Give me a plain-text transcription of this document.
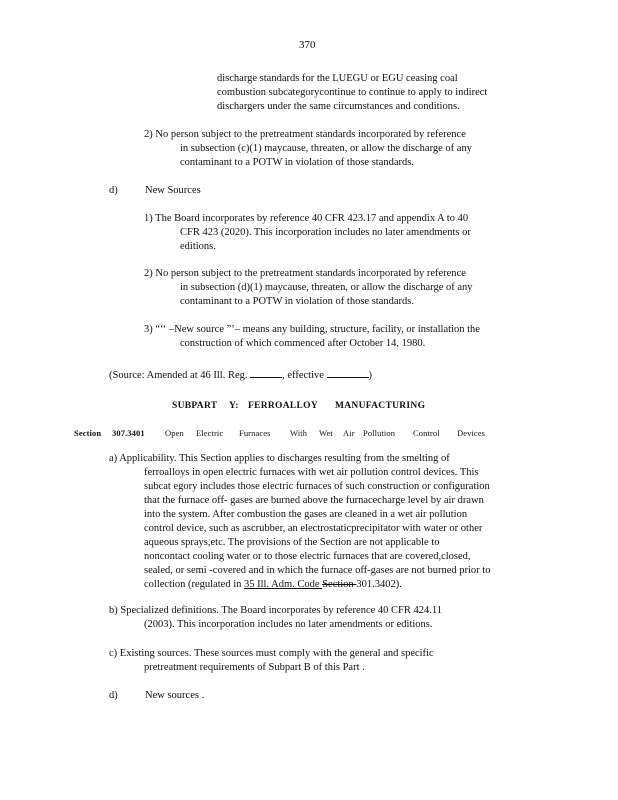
370
discharge standards for the LUEGU or EGU ceasing coal
combustion subcategorycontinue to continue to apply to indirect
dischargers under the same circumstances and conditions.
2) No person subject to the pretreatment standards incorporated by reference
in subsection (c)(1) maycause, threaten, or allow the discharge of any
contaminant to a POTW in violation of those standards.
d)	New Sources
1) The Board incorporates by reference 40 CFR 423.17 and appendix A to 40
CFR 423 (2020). This incorporation includes no later amendments or
editions.
2) No person subject to the pretreatment standards incorporated by reference
in subsection (d)(1) maycause, threaten, or allow the discharge of any
contaminant to a POTW in violation of those standards.
3) “‘‘ –New source ”’– means any building, structure, facility, or installation the
construction of which commenced after October 14, 1980.
(Source: Amended at 46 Ill. Reg.	, effective	)
SUBPART Y: FERROALLOY MANUFACTURING
Section 307.3401 Open Electric Furnaces With Wet Air Pollution Control Devices
a) Applicability. This Section applies to discharges resulting from the smelting of
ferroalloys in open electric furnaces with wet air pollution control devices. This
subcat egory includes those electric furnaces of such construction or configuration
that the furnace off- gases are burned above the furnacecharge level by air drawn
into the system. After combustion the gases are cleaned in a wet air pollution
control device, such as ascrubber, an electrostaticprecipitator with water or other
aqueous sprays,etc. The provisions of the Section are not applicable to
noncontact cooling water or to those electric furnaces that are covered,closed,
sealed, or semi -covered and in which the furnace off-gases are not burned prior to
collection (regulated in 35 Ill. Adm. Code Section 301.3402).
b) Specialized definitions. The Board incorporates by reference 40 CFR 424.11
(2003). This incorporation includes no later amendments or editions.
c) Existing sources. These sources must comply with the general and specific
pretreatment requirements of Subpart B of this Part .
d)	New sources .
